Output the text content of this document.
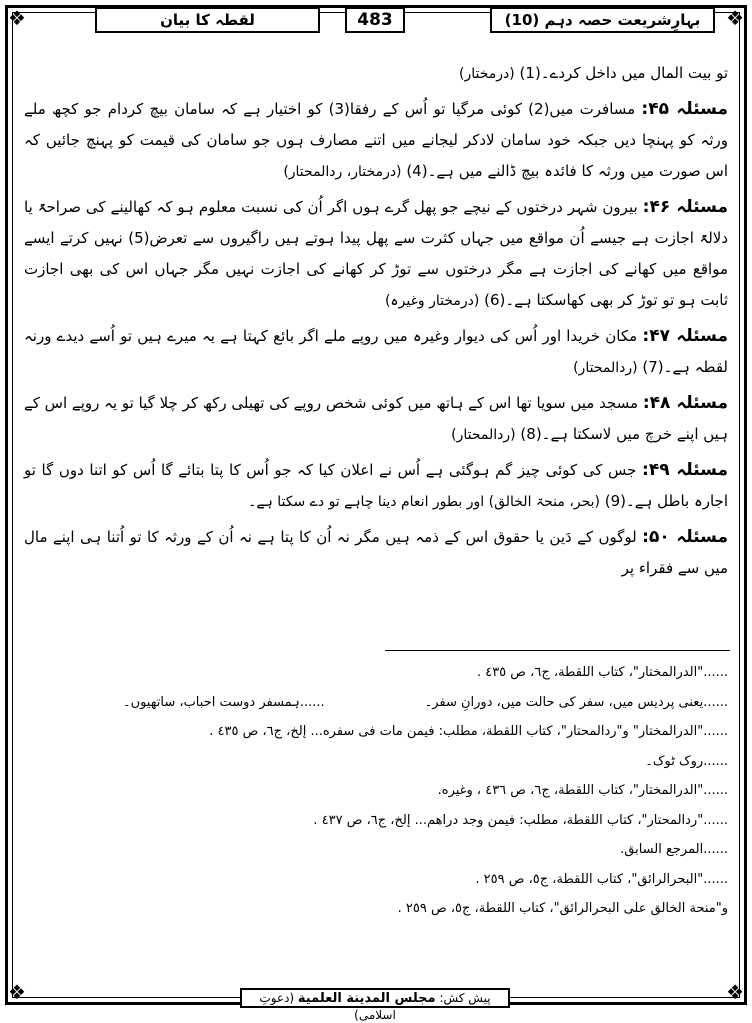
❖	❖
❖	❖
بہارِشریعت حصہ دہم (10)
483
لقطہ کا بیان

تو بیت المال میں داخل کردے۔(1) (درمختار)

مسئلہ ۴۵: مسافرت میں(2) کوئی مرگیا تو اُس کے رفقا(3) کو اختیار ہے کہ سامان بیچ کردام جو کچھ ملے ورثہ کو پہنچا دیں جبکہ خود سامان لادکر لیجانے میں اتنے مصارف ہوں جو سامان کی قیمت کو پہنچ جائیں کہ اس صورت میں ورثہ کا فائدہ بیچ ڈالنے میں ہے۔(4) (درمختار، ردالمحتار)

مسئلہ ۴۶: بیرون شہر درختوں کے نیچے جو پھل گرے ہوں اگر اُن کی نسبت معلوم ہو کہ کھالینے کی صراحۃً یا دلالۃً اجازت ہے جیسے اُن مواقع میں جہاں کثرت سے پھل پیدا ہوتے ہیں راگیروں سے تعرض(5) نہیں کرتے ایسے مواقع میں کھانے کی اجازت ہے مگر درختوں سے توڑ کر کھانے کی اجازت نہیں مگر جہاں اس کی بھی اجازت ثابت ہو تو توڑ کر بھی کھاسکتا ہے۔(6) (درمختار وغیرہ)

مسئلہ ۴۷: مکان خریدا اور اُس کی دیوار وغیرہ میں روپے ملے اگر بائع کہتا ہے یہ میرے ہیں تو اُسے دیدے ورنہ لقطہ ہے۔(7) (ردالمحتار)

مسئلہ ۴۸: مسجد میں سویا تھا اس کے ہاتھ میں کوئی شخص روپے کی تھیلی رکھ کر چلا گیا تو یہ روپے اس کے ہیں اپنے خرچ میں لاسکتا ہے۔(8) (ردالمحتار)

مسئلہ ۴۹: جس کی کوئی چیز گم ہوگئی ہے اُس نے اعلان کیا کہ جو اُس کا پتا بتائے گا اُس کو اتنا دوں گا تو اجارہ باطل ہے۔(9) (بحر، منحۃ الخالق) اور بطور انعام دینا چاہے تو دے سکتا ہے۔

مسئلہ ۵۰: لوگوں کے دَین یا حقوق اس کے ذمہ ہیں مگر نہ اُن کا پتا ہے نہ اُن کے ورثہ کا تو اُتنا ہی اپنے مال میں سے فقراء پر

......"الدرالمختار"، کتاب اللقطة، ج٦، ص ٤٣٥ .
......یعنی پردیس میں، سفر کی حالت میں، دورانِ سفر۔......ہمسفر دوست احباب، ساتھیوں۔
......"الدرالمختار" و"ردالمحتار"، کتاب اللقطة، مطلب: فیمن مات فی سفره... إلخ، ج٦، ص ٤٣٥ .
......روک ٹوک۔
......"الدرالمختار"، کتاب اللقطة، ج٦، ص ٤٣٦ ، وغیره.
......"ردالمحتار"، کتاب اللقطة، مطلب: فیمن وجد دراهم... إلخ، ج٦، ص ٤٣٧ .
......المرجع السابق.
......"البحرالرائق"، کتاب اللقطة، ج٥، ص ٢٥٩ .
و"منحة الخالق علی البحرالرائق"، کتاب اللقطة، ج٥، ص ٢٥٩ .
پیش کش: مجلس المدینة العلمیة (دعوتِ اسلامی)
